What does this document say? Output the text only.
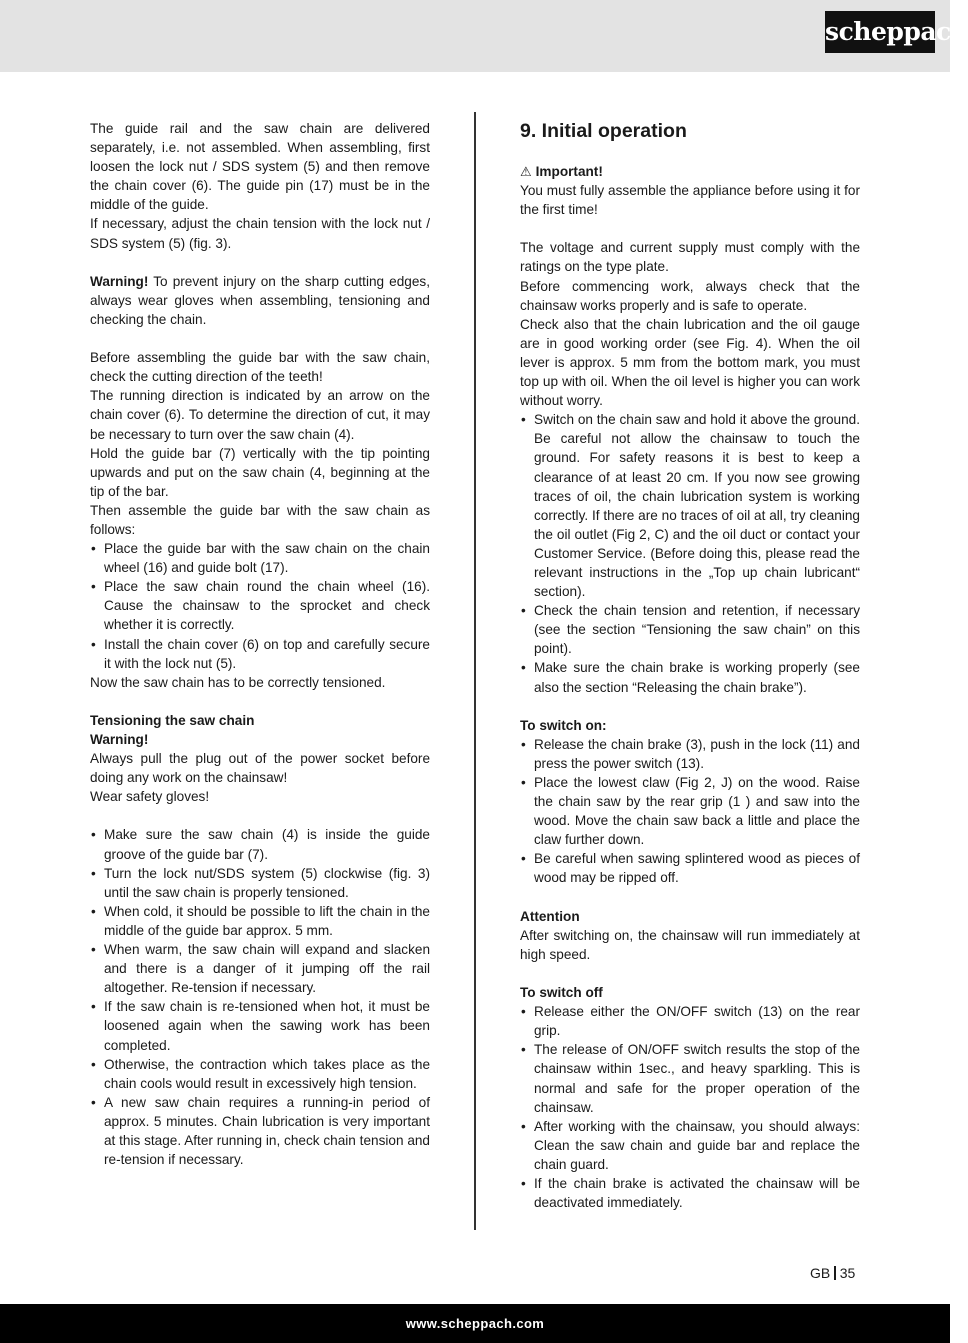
scheppach

The guide rail and the saw chain are delivered separately, i.e. not assembled. When assembling, first loosen the lock nut / SDS system (5) and then remove the chain cover (6). The guide pin (17) must be in the middle of the guide.

If necessary, adjust the chain tension with the lock nut / SDS system (5) (fig. 3).

Warning! To prevent injury on the sharp cutting edges, always wear gloves when assembling, tensioning and checking the chain.

Before assembling the guide bar with the saw chain, check the cutting direction of the teeth!

The running direction is indicated by an arrow on the chain cover (6). To determine the direction of cut, it may be necessary to turn over the saw chain (4).

Hold the guide bar (7) vertically with the tip pointing upwards and put on the saw chain (4, beginning at the tip of the bar.

Then assemble the guide bar with the saw chain as follows:

• Place the guide bar with the saw chain on the chain wheel (16) and guide bolt (17).
• Place the saw chain round the chain wheel (16). Cause the chainsaw to the sprocket and check whether it is correctly.
• Install the chain cover (6) on top and carefully secure it with the lock nut (5).

Now the saw chain has to be correctly tensioned.

Tensioning the saw chain

Warning!

Always pull the plug out of the power socket before doing any work on the chainsaw!

Wear safety gloves!

• Make sure the saw chain (4) is inside the guide groove of the guide bar (7).
• Turn the lock nut/SDS system (5) clockwise (fig. 3) until the saw chain is properly tensioned.
• When cold, it should be possible to lift the chain in the middle of the guide bar approx. 5 mm.
• When warm, the saw chain will expand and slacken and there is a danger of it jumping off the rail altogether. Re-tension if necessary.
• If the saw chain is re-tensioned when hot, it must be loosened again when the sawing work has been completed.
• Otherwise, the contraction which takes place as the chain cools would result in excessively high tension.
• A new saw chain requires a running-in period of approx. 5 minutes. Chain lubrication is very important at this stage. After running in, check chain tension and re-tension if necessary.
9. Initial operation

⚠ Important!

You must fully assemble the appliance before using it for the first time!

The voltage and current supply must comply with the ratings on the type plate.

Before commencing work, always check that the chainsaw works properly and is safe to operate.

Check also that the chain lubrication and the oil gauge are in good working order (see Fig. 4). When the oil lever is approx. 5 mm from the bottom mark, you must top up with oil. When the oil level is higher you can work without worry.

• Switch on the chain saw and hold it above the ground. Be careful not allow the chainsaw to touch the ground. For safety reasons it is best to keep a clearance of at least 20 cm. If you now see growing traces of oil, the chain lubrication system is working correctly. If there are no traces of oil at all, try cleaning the oil outlet (Fig 2, C) and the oil duct or contact your Customer Service. (Before doing this, please read the relevant instructions in the „Top up chain lubricant“ section).
• Check the chain tension and retention, if necessary (see the section “Tensioning the saw chain” on this point).
• Make sure the chain brake is working properly (see also the section “Releasing the chain brake”).

To switch on:

• Release the chain brake (3), push in the lock (11) and press the power switch (13).
• Place the lowest claw (Fig 2, J) on the wood. Raise the chain saw by the rear grip (1 ) and saw into the wood. Move the chain saw back a little and place the claw further down.
• Be careful when sawing splintered wood as pieces of wood may be ripped off.

Attention

After switching on, the chainsaw will run immediately at high speed.

To switch off

• Release either the ON/OFF switch (13) on the rear grip.
• The release of ON/OFF switch results the stop of the chainsaw within 1sec., and heavy sparkling. This is normal and safe for the proper operation of the chainsaw.
• After working with the chainsaw, you should always: Clean the saw chain and guide bar and replace the chain guard.
• If the chain brake is activated the chainsaw will be deactivated immediately.
GB 35
www.scheppach.com
